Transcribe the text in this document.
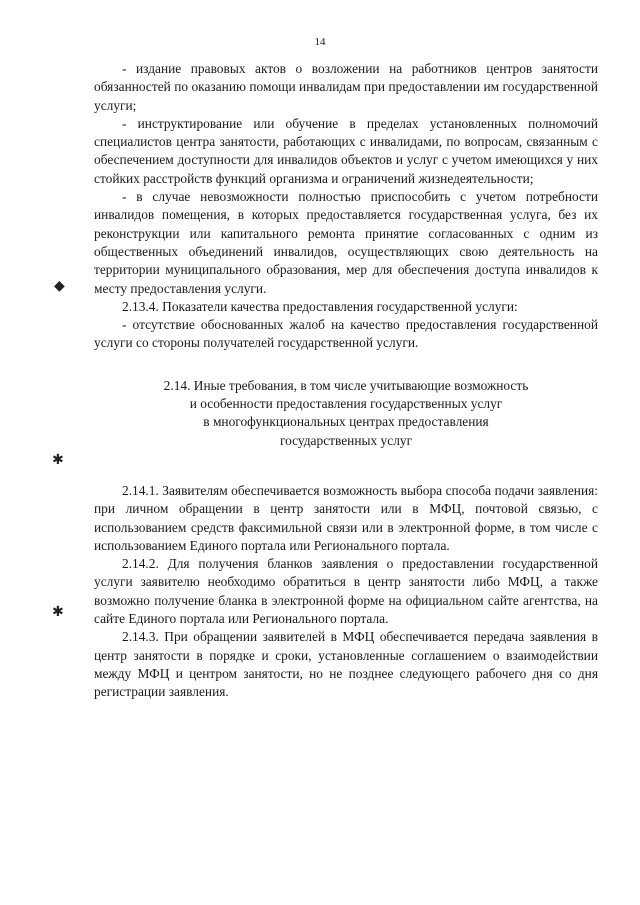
14
◆
✱
✱

- издание правовых актов о возложении на работников центров занятости обязанностей по оказанию помощи инвалидам при предоставлении им государственной услуги;

- инструктирование или обучение в пределах установленных полномочий специалистов центра занятости, работающих с инвалидами, по вопросам, связанным с обеспечением доступности для инвалидов объектов и услуг с учетом имеющихся у них стойких расстройств функций организма и ограничений жизнедеятельности;

- в случае невозможности полностью приспособить с учетом потребности инвалидов помещения, в которых предоставляется государственная услуга, без их реконструкции или капитального ремонта принятие согласованных с одним из общественных объединений инвалидов, осуществляющих свою деятельность на территории муниципального образования, мер для обеспечения доступа инвалидов к месту предоставления услуги.

2.13.4. Показатели качества предоставления государственной услуги:

- отсутствие обоснованных жалоб на качество предоставления государственной услуги со стороны получателей государственной услуги.

2.14. Иные требования, в том числе учитывающие возможность
и особенности предоставления государственных услуг
в многофункциональных центрах предоставления
государственных услуг

2.14.1. Заявителям обеспечивается возможность выбора способа подачи заявления: при личном обращении в центр занятости или в МФЦ, почтовой связью, с использованием средств факсимильной связи или в электронной форме, в том числе с использованием Единого портала или Регионального портала.

2.14.2. Для получения бланков заявления о предоставлении государственной услуги заявителю необходимо обратиться в центр занятости либо МФЦ, а также возможно получение бланка в электронной форме на официальном сайте агентства, на сайте Единого портала или Регионального портала.

2.14.3. При обращении заявителей в МФЦ обеспечивается передача заявления в центр занятости в порядке и сроки, установленные соглашением о взаимодействии между МФЦ и центром занятости, но не позднее следующего рабочего дня со дня регистрации заявления.
